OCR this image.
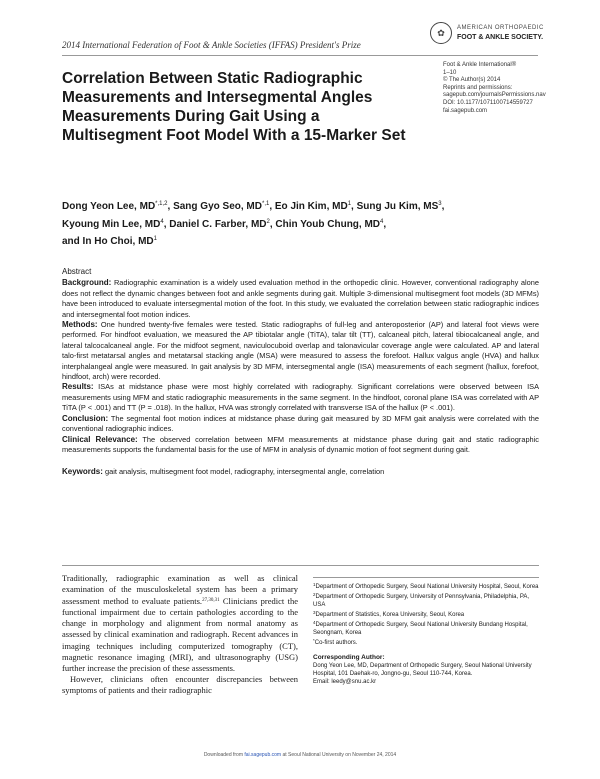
2014 International Federation of Foot & Ankle Societies (IFFAS) President's Prize
✿	AMERICAN ORTHOPAEDIC
FOOT & ANKLE SOCIETY.
Foot & Ankle International®
1–10
© The Author(s) 2014
Reprints and permissions:
sagepub.com/journalsPermissions.nav
DOI: 10.1177/1071100714559727
fai.sagepub.com
Correlation Between Static Radiographic Measurements and Intersegmental Angles Measurements During Gait Using a Multisegment Foot Model With a 15-Marker Set
Dong Yeon Lee, $MD^{*,1,2}$, Sang Gyo Seo, $MD^{*,1}$, Eo Jin Kim, $MD^1$, Sung Ju Kim, $MS^3$,
Kyoung Min Lee, $MD^4$, Daniel C. Farber, $MD^2$, Chin Youb Chung, $MD^4$,
and In Ho Choi, $MD^1$
Abstract

Background: Radiographic examination is a widely used evaluation method in the orthopedic clinic. However, conventional radiography alone does not reflect the dynamic changes between foot and ankle segments during gait. Multiple 3-dimensional multisegment foot models (3D MFMs) have been introduced to evaluate intersegmental motion of the foot. In this study, we evaluated the correlation between static radiographic indices and intersegmental foot motion indices.

Methods: One hundred twenty-five females were tested. Static radiographs of full-leg and anteroposterior (AP) and lateral foot views were performed. For hindfoot evaluation, we measured the AP tibiotalar angle (TiTA), talar tilt (TT), calcaneal pitch, lateral tibiocalcaneal angle, and lateral talcocalcaneal angle. For the midfoot segment, naviculocuboid overlap and talonavicular coverage angle were calculated. AP and lateral talo-first metatarsal angles and metatarsal stacking angle (MSA) were measured to assess the forefoot. Hallux valgus angle (HVA) and hallux interphalangeal angle were measured. In gait analysis by 3D MFM, intersegmental angle (ISA) measurements of each segment (hallux, forefoot, hindfoot, arch) were recorded.

Results: ISAs at midstance phase were most highly correlated with radiography. Significant correlations were observed between ISA measurements using MFM and static radiographic measurements in the same segment. In the hindfoot, coronal plane ISA was correlated with AP TiTA (P < .001) and TT (P = .018). In the hallux, HVA was strongly correlated with transverse ISA of the hallux (P < .001).

Conclusion: The segmental foot motion indices at midstance phase during gait measured by 3D MFM gait analysis were correlated with the conventional radiographic indices.

Clinical Relevance: The observed correlation between MFM measurements at midstance phase during gait and static radiographic measurements supports the fundamental basis for the use of MFM in analysis of dynamic motion of foot segment during gait.

Keywords: gait analysis, multisegment foot model, radiography, intersegmental angle, correlation

Traditionally, radiographic examination as well as clinical examination of the musculoskeletal system has been a primary assessment method to evaluate patients.$^{27,30,31}$ Clinicians predict the functional impairment due to certain pathologies according to the change in morphology and alignment from normal anatomy as assessed by clinical examination and radiograph. Recent advances in imaging techniques including computerized tomography (CT), magnetic resonance imaging (MRI), and ultrasonography (USG) further increase the precision of these assessments.

However, clinicians often encounter discrepancies between symptoms of patients and their radiographic

$^1$Department of Orthopedic Surgery, Seoul National University Hospital, Seoul, Korea
$^2$Department of Orthopedic Surgery, University of Pennsylvania, Philadelphia, PA, USA
$^3$Department of Statistics, Korea University, Seoul, Korea
$^4$Department of Orthopedic Surgery, Seoul National University Bundang Hospital, Seongnam, Korea
*Co-first authors.
Corresponding Author:
Dong Yeon Lee, MD, Department of Orthopedic Surgery, Seoul National University Hospital, 101 Daehak-ro, Jongno-gu, Seoul 110-744, Korea.
Email: leedy@snu.ac.kr
Downloaded from fai.sagepub.com at Seoul National University on November 24, 2014
